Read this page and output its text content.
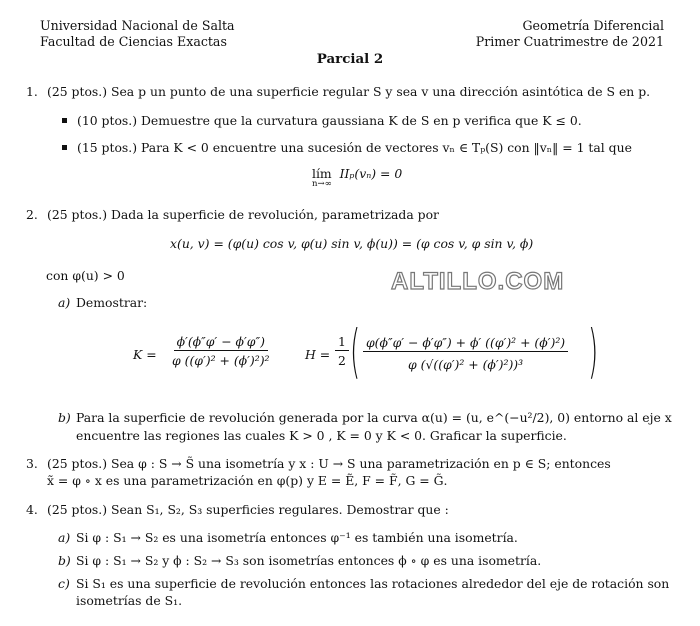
Universidad Nacional de Salta
Facultad de Ciencias Exactas
Geometría Diferencial
Primer Cuatrimestre de 2021
Parcial 2
1. (25 ptos.) Sea p un punto de una superficie regular S y sea v una dirección asintótica de S en p.
(10 ptos.) Demuestre que la curvatura gaussiana K de S en p verifica que K ≤ 0.
(15 ptos.) Para K < 0 encuentre una sucesión de vectores vₙ ∈ Tₚ(S) con ‖vₙ‖ = 1 tal que
lím
n→∞
IIₚ(vₙ) = 0
2. (25 ptos.) Dada la superficie de revolución, parametrizada por
x(u, v) = (φ(u) cos v, φ(u) sin v, ϕ(u)) = (φ cos v, φ sin v, ϕ)
con φ(u) > 0	ALTILLO.COM
a) Demostrar:
$K = \frac{\phi'(\phi''\varphi' - \phi'\varphi'')}{\text{φ ((φ′)² + (ϕ′)²)²}}$	$H = \frac{1}{2}$ ( $\frac{\text{φ(ϕ″φ′ − ϕ′φ″) + ϕ′ ((φ′)² + (ϕ′)²)}}{\text{φ (√((φ′)² + (ϕ′)²))³}}$ )
b) Para la superficie de revolución generada por la curva α(u) = (u, e^(−u²/2), 0) entorno al eje x
encuentre las regiones las cuales K > 0 , K = 0 y K < 0. Graficar la superficie.
3. (25 ptos.) Sea φ : S → S̃ una isometría y x : U → S una parametrización en p ∈ S; entonces
x̃ = φ ∘ x es una parametrización en φ(p) y E = Ẽ, F = F̃, G = G̃.
4. (25 ptos.) Sean S₁, S₂, S₃ superficies regulares. Demostrar que :
a) Si φ : S₁ → S₂ es una isometría entonces φ⁻¹ es también una isometría.
b) Si φ : S₁ → S₂ y ϕ : S₂ → S₃ son isometrías entonces ϕ ∘ φ es una isometría.
c) Si S₁ es una superficie de revolución entonces las rotaciones alrededor del eje de rotación son
isometrías de S₁.
